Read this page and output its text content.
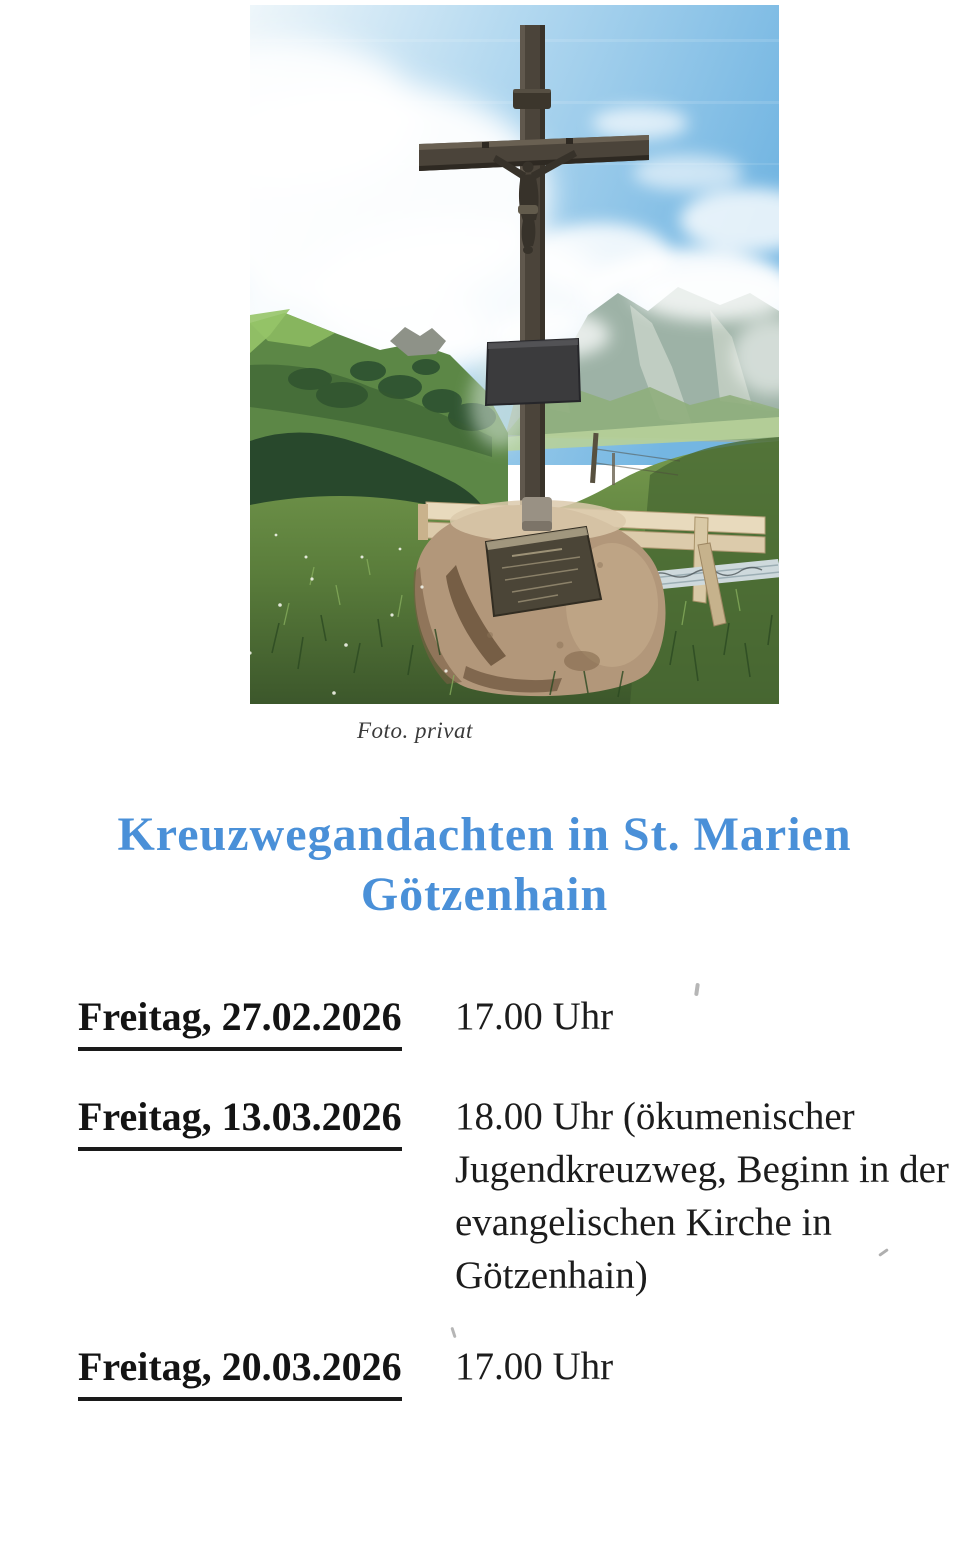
Foto. privat
Kreuzwegandachten in St. Marien
Götzenhain
Freitag, 27.02.2026 17.00 Uhr
Freitag, 13.03.2026 18.00 Uhr (ökumenischer Jugendkreuzweg, Beginn in der evangelischen Kirche in Götzenhain)
Freitag, 20.03.2026 17.00 Uhr
